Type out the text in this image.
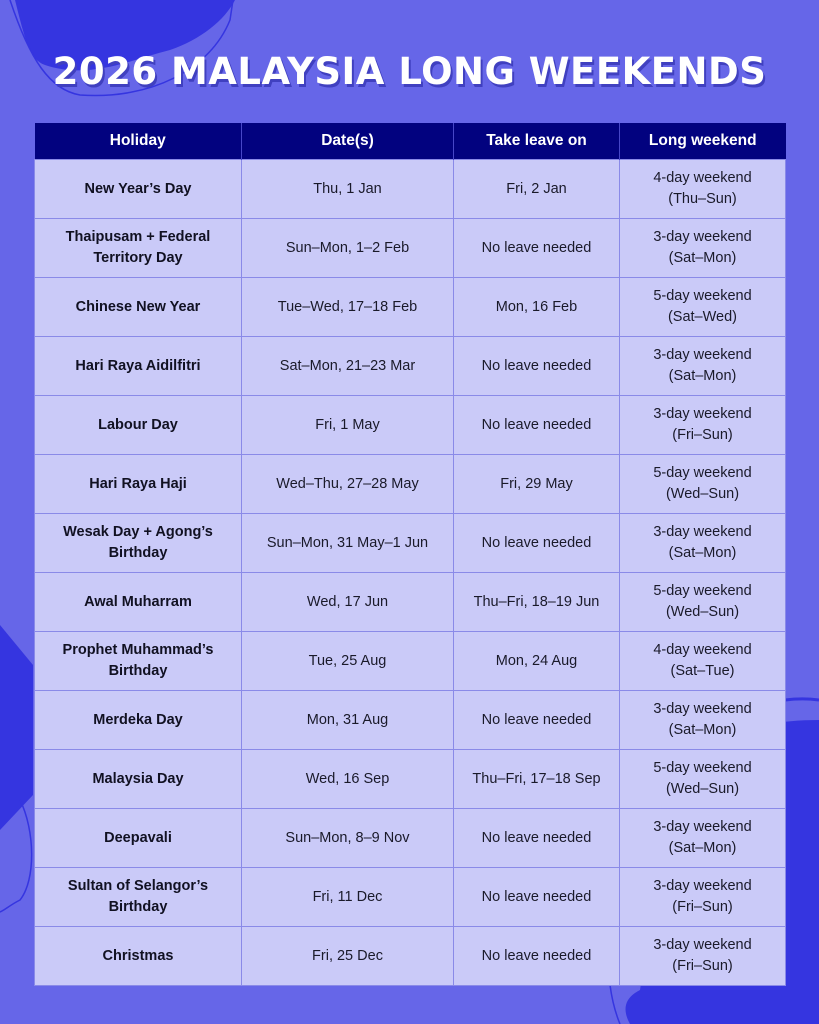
2026 MALAYSIA LONG WEEKENDS
Holiday	Date(s)	Take leave on	Long weekend
New Year’s Day	Thu, 1 Jan	Fri, 2 Jan	4-day weekend
(Thu–Sun)

Thaipusam + Federal Territory Day	Sun–Mon, 1–2 Feb	No leave needed	3-day weekend
(Sat–Mon)

Chinese New Year	Tue–Wed, 17–18 Feb	Mon, 16 Feb	5-day weekend
(Sat–Wed)

Hari Raya Aidilfitri	Sat–Mon, 21–23 Mar	No leave needed	3-day weekend
(Sat–Mon)

Labour Day	Fri, 1 May	No leave needed	3-day weekend
(Fri–Sun)

Hari Raya Haji	Wed–Thu, 27–28 May	Fri, 29 May	5-day weekend
(Wed–Sun)

Wesak Day + Agong’s Birthday	Sun–Mon, 31 May–1 Jun	No leave needed	3-day weekend
(Sat–Mon)

Awal Muharram	Wed, 17 Jun	Thu–Fri, 18–19 Jun	5-day weekend
(Wed–Sun)

Prophet Muhammad’s Birthday	Tue, 25 Aug	Mon, 24 Aug	4-day weekend
(Sat–Tue)

Merdeka Day	Mon, 31 Aug	No leave needed	3-day weekend
(Sat–Mon)

Malaysia Day	Wed, 16 Sep	Thu–Fri, 17–18 Sep	5-day weekend
(Wed–Sun)

Deepavali	Sun–Mon, 8–9 Nov	No leave needed	3-day weekend
(Sat–Mon)

Sultan of Selangor’s Birthday	Fri, 11 Dec	No leave needed	3-day weekend
(Fri–Sun)

Christmas	Fri, 25 Dec	No leave needed	3-day weekend
(Fri–Sun)
